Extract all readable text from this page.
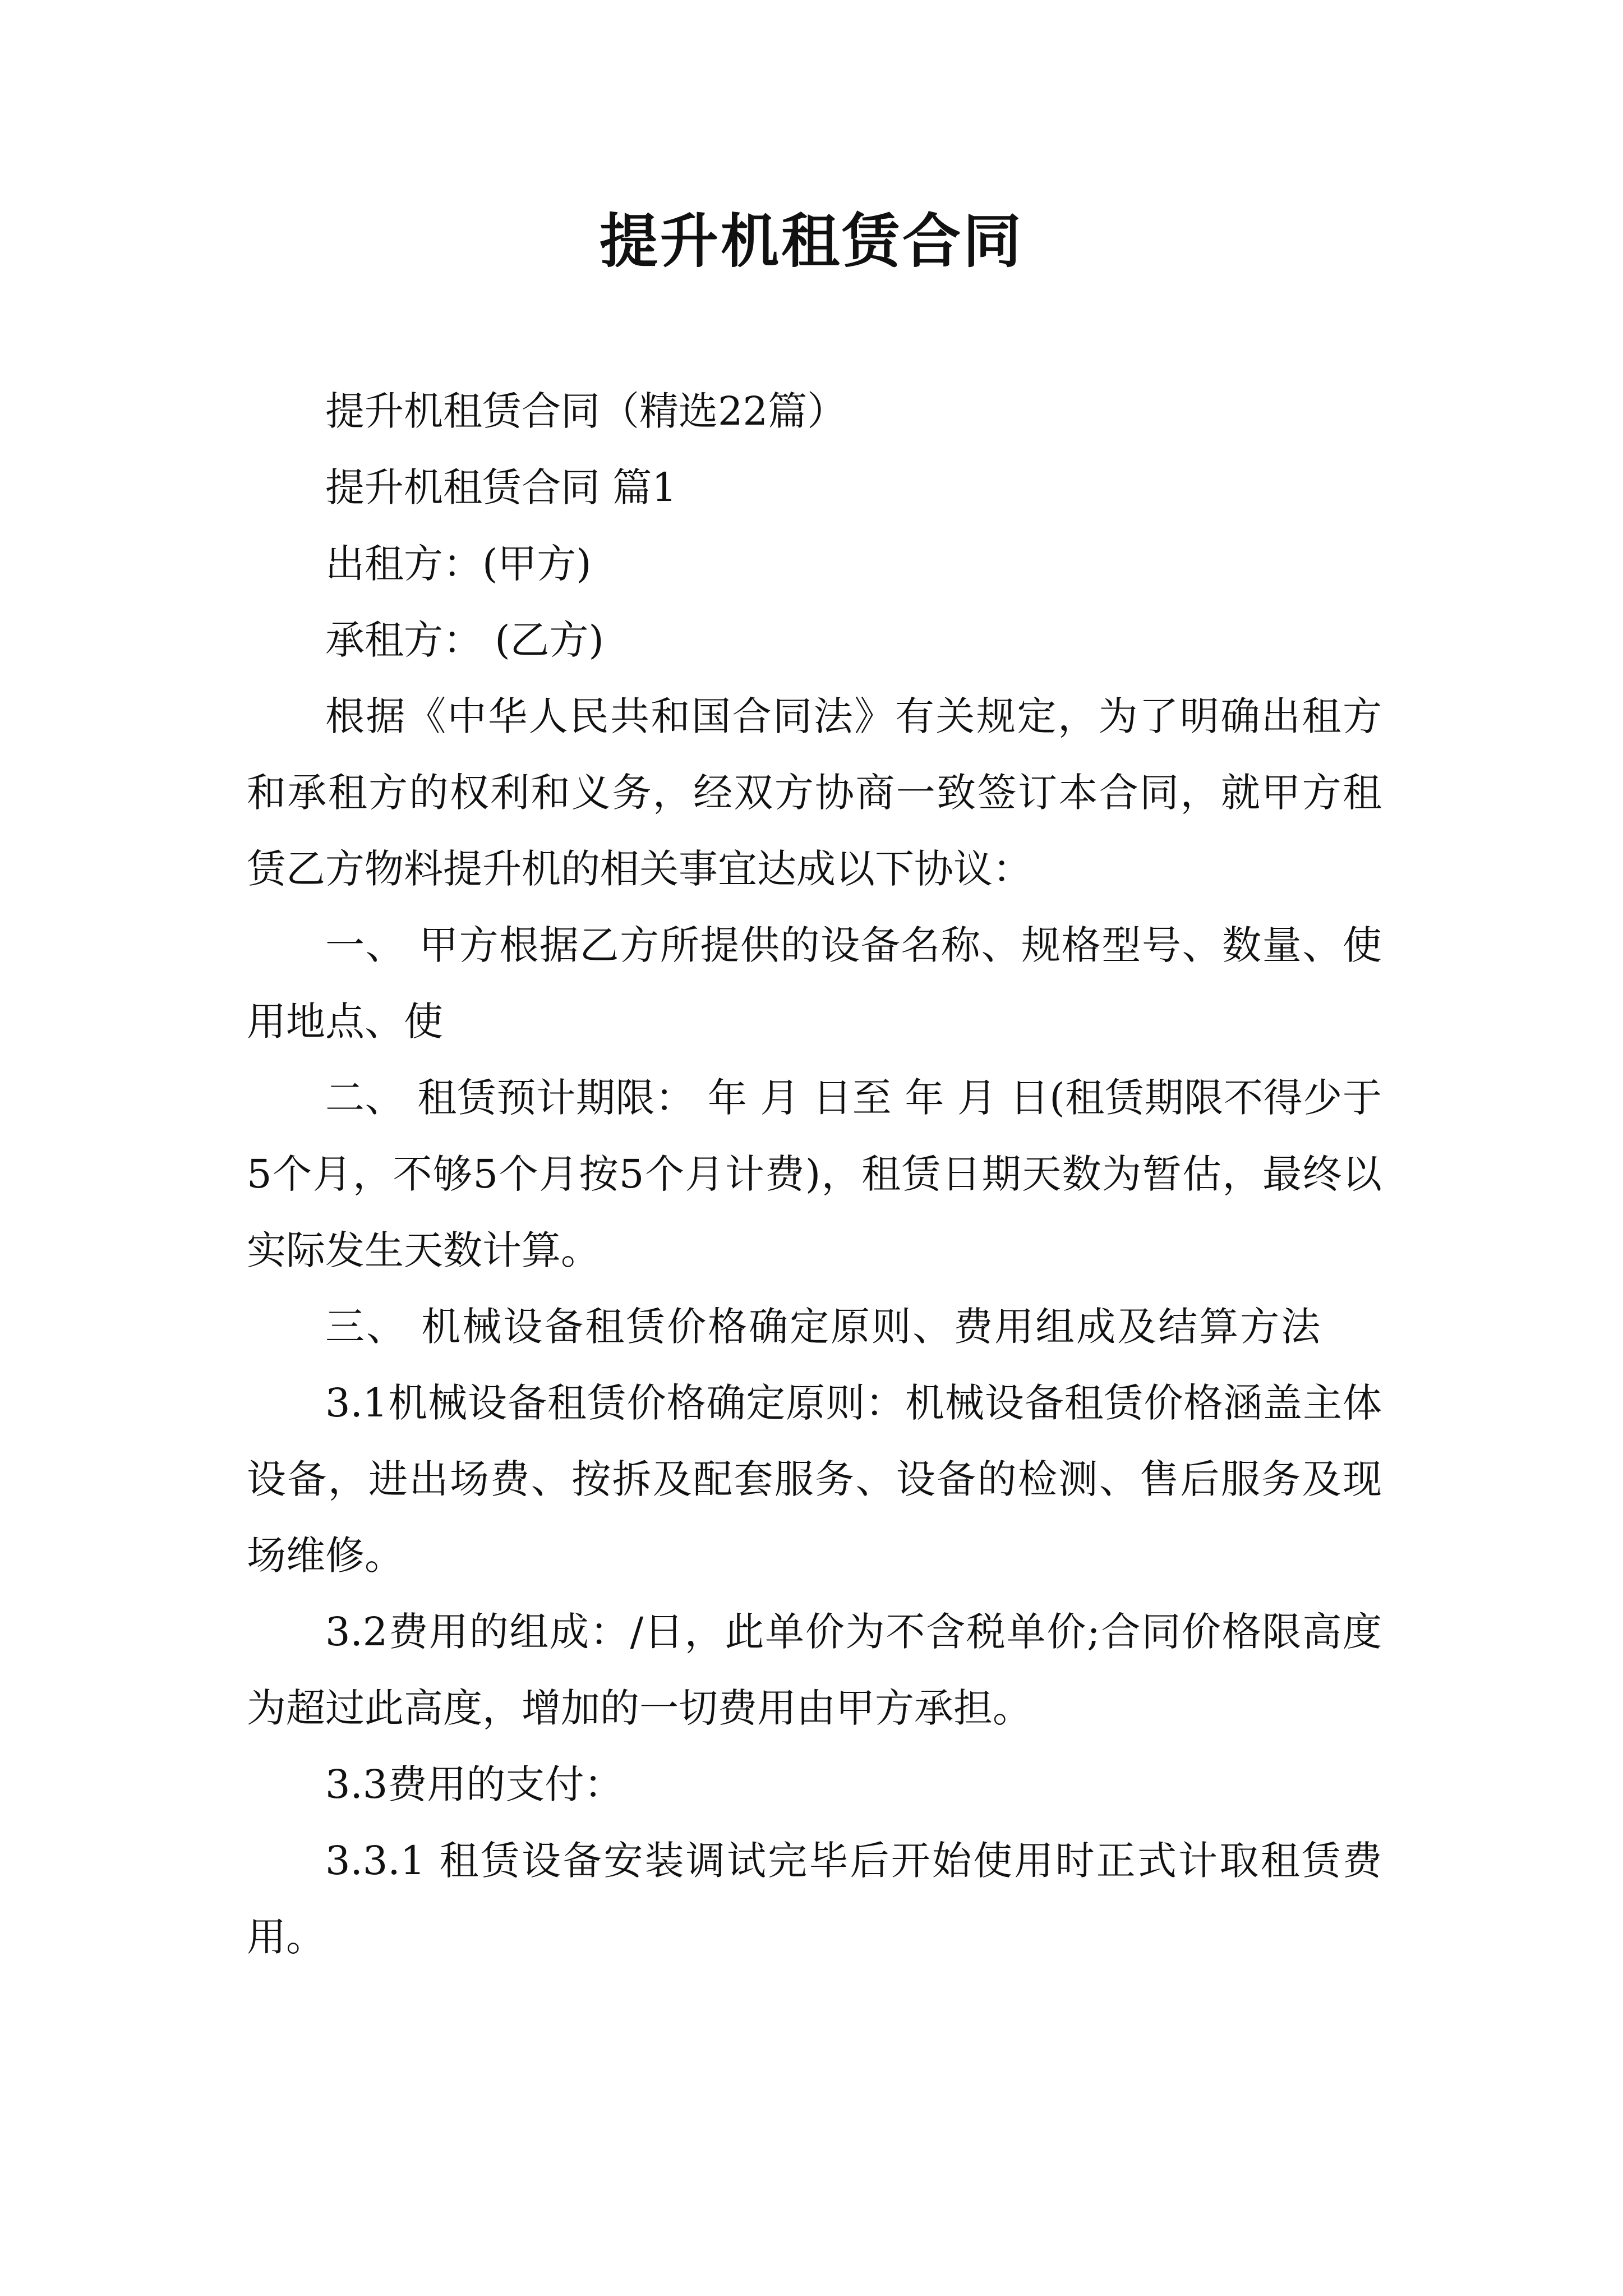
提升机租赁合同

提升机租赁合同（精选22篇）

提升机租赁合同 篇1

出租方：(甲方)

承租方： (乙方)

根据《中华人民共和国合同法》有关规定，为了明确出租方和承租方的权利和义务，经双方协商一致签订本合同，就甲方租赁乙方物料提升机的相关事宜达成以下协议：

一、 甲方根据乙方所提供的设备名称、规格型号、数量、使用地点、使

二、 租赁预计期限： 年 月 日至 年 月 日(租赁期限不得少于5个月，不够5个月按5个月计费)，租赁日期天数为暂估，最终以实际发生天数计算。

三、 机械设备租赁价格确定原则、费用组成及结算方法

3.1机械设备租赁价格确定原则：机械设备租赁价格涵盖主体设备，进出场费、按拆及配套服务、设备的检测、售后服务及现场维修。

3.2费用的组成：/日，此单价为不含税单价;合同价格限高度为超过此高度，增加的一切费用由甲方承担。

3.3费用的支付：

3.3.1 租赁设备安装调试完毕后开始使用时正式计取租赁费用。
